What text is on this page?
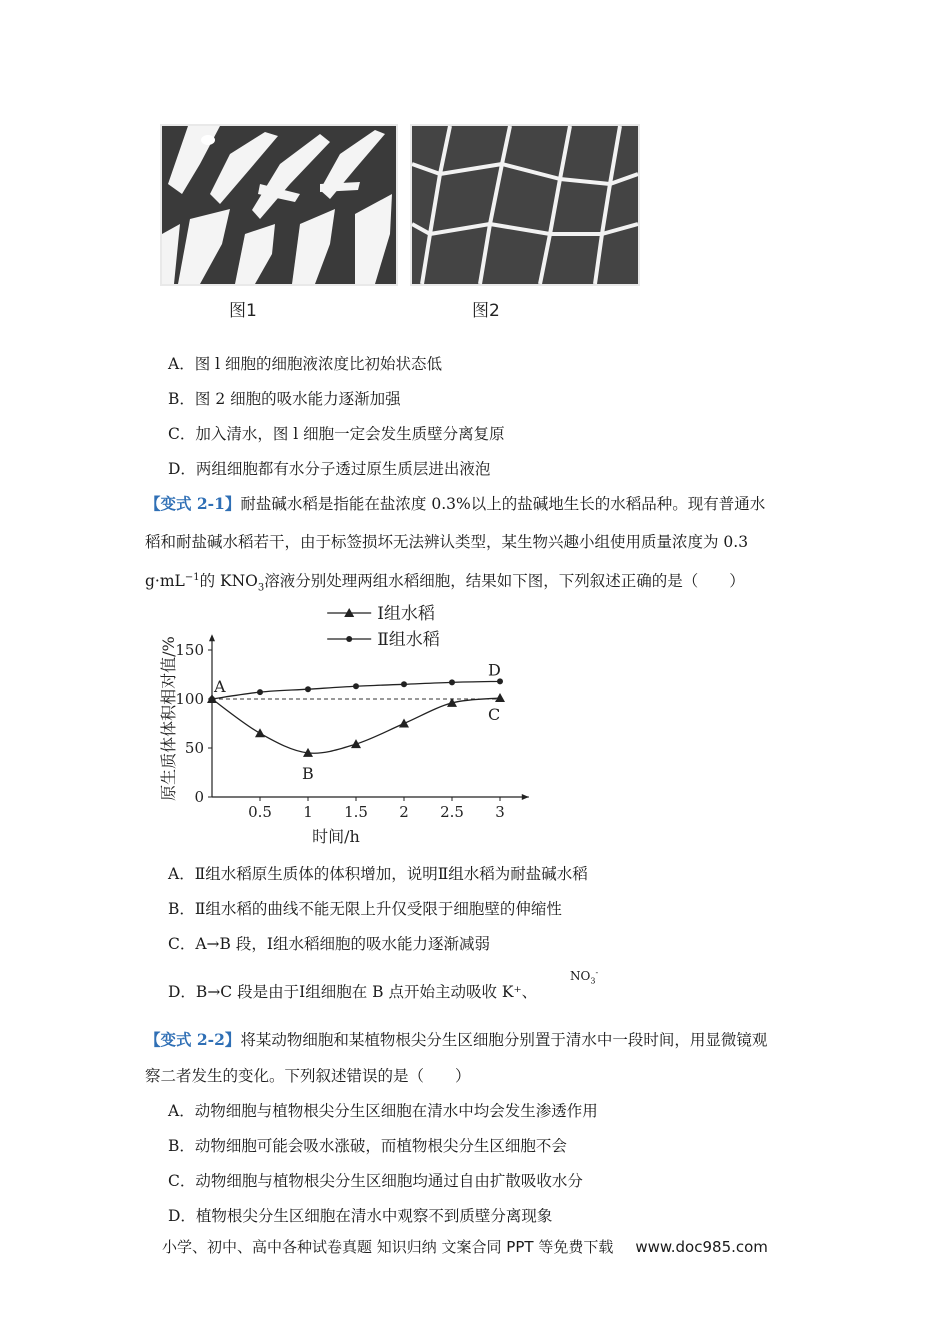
图1	图2
A．图 l 细胞的细胞液浓度比初始状态低
B．图 2 细胞的吸水能力逐渐加强
C．加入清水，图 l 细胞一定会发生质壁分离复原
D．两组细胞都有水分子透过原生质层进出液泡
【变式 2-1】耐盐碱水稻是指能在盐浓度 0.3%以上的盐碱地生长的水稻品种。现有普通水
稻和耐盐碱水稻若干，由于标签损坏无法辨认类型，某生物兴趣小组使用质量浓度为 0.3
$g\cdot mL^{-1}$的 $KNO_3$溶液分别处理两组水稻细胞，结果如下图，下列叙述正确的是（　　）
0
50
100
150
0.5 1 1.5 2 2.5 3
时间/h
原生质体体积相对值/% A
B
C
D
Ⅰ组水稻
Ⅱ组水稻
A．Ⅱ组水稻原生质体的体积增加，说明Ⅱ组水稻为耐盐碱水稻
B．Ⅱ组水稻的曲线不能无限上升仅受限于细胞壁的伸缩性
C．A→B 段，Ⅰ组水稻细胞的吸水能力逐渐减弱
D．B→C 段是由于Ⅰ组细胞在 B 点开始主动吸收 K⁺、
$NO_3^-$
【变式 2-2】将某动物细胞和某植物根尖分生区细胞分别置于清水中一段时间，用显微镜观
察二者发生的变化。下列叙述错误的是（　　）
A．动物细胞与植物根尖分生区细胞在清水中均会发生渗透作用
B．动物细胞可能会吸水涨破，而植物根尖分生区细胞不会
C．动物细胞与植物根尖分生区细胞均通过自由扩散吸收水分
D．植物根尖分生区细胞在清水中观察不到质壁分离现象
小学、初中、高中各种试卷真题 知识归纳 文案合同 PPT 等免费下载 www.doc985.com
